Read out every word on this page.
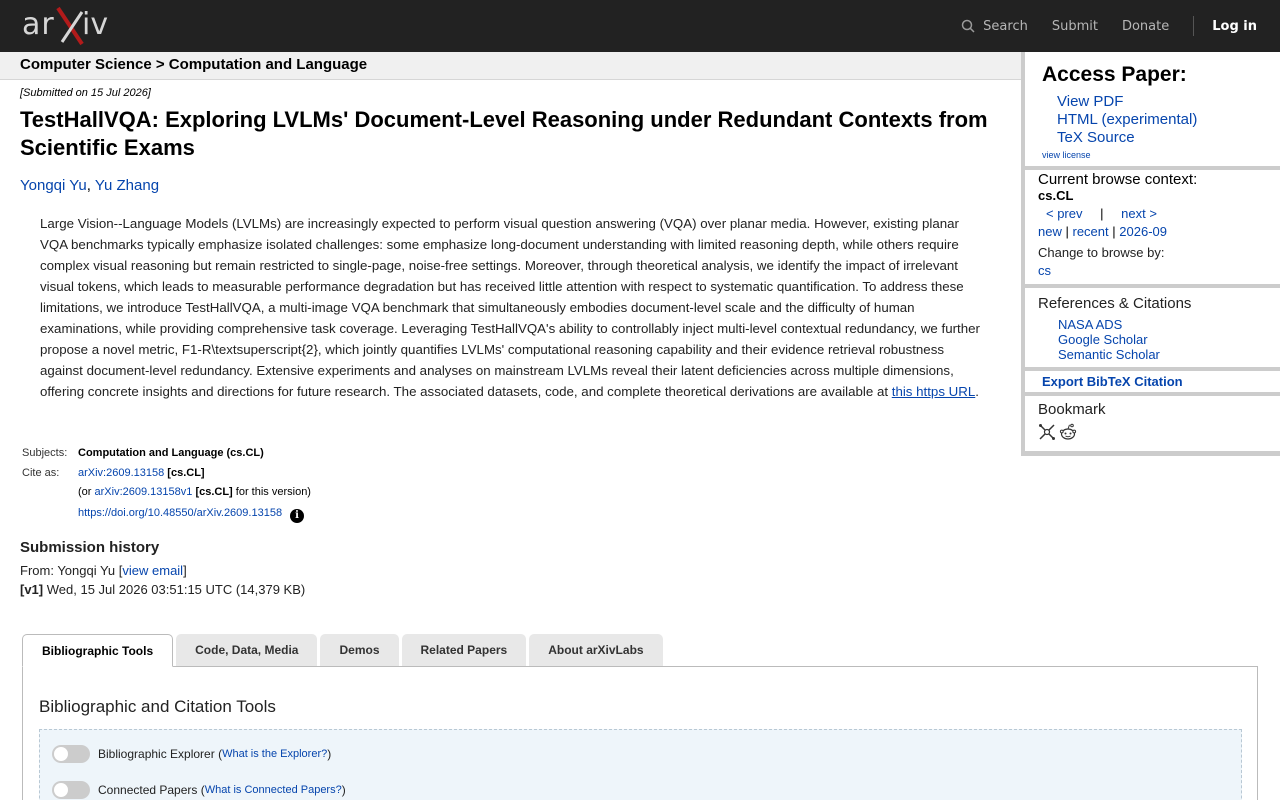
ar iv	Search Submit Donate	Log in
Computer Science > Computation and Language
[Submitted on 15 Jul 2026]
TestHallVQA: Exploring LVLMs' Document-Level Reasoning under Redundant Contexts from Scientific Exams
Yongqi Yu, Yu Zhang
Large Vision--Language Models (LVLMs) are increasingly expected to perform visual question answering (VQA) over planar media. However, existing planar VQA benchmarks typically emphasize isolated challenges: some emphasize long-document understanding with limited reasoning depth, while others require complex visual reasoning but remain restricted to single-page, noise-free settings. Moreover, through theoretical analysis, we identify the impact of irrelevant visual tokens, which leads to measurable performance degradation but has received little attention with respect to systematic quantification. To address these limitations, we introduce TestHallVQA, a multi-image VQA benchmark that simultaneously embodies document-level scale and the difficulty of human examinations, while providing comprehensive task coverage. Leveraging TestHallVQA's ability to controllably inject multi-level contextual redundancy, we further propose a novel metric, F1-R\textsuperscript{2}, which jointly quantifies LVLMs' computational reasoning capability and their evidence retrieval robustness against document-level redundancy. Extensive experiments and analyses on mainstream LVLMs reveal their latent deficiencies across multiple dimensions, offering concrete insights and directions for future research. The associated datasets, code, and complete theoretical derivations are available at this https URL.
Subjects: Computation and Language (cs.CL)
Cite as:	arXiv:2609.13158 [cs.CL]
(or arXiv:2609.13158v1 [cs.CL] for this version)
https://doi.org/10.48550/arXiv.2609.13158 i
Submission history
From: Yongqi Yu [view email]
[v1] Wed, 15 Jul 2026 03:51:15 UTC (14,379 KB)
Bibliographic Tools	Code, Data, Media	Demos	Related Papers	About arXivLabs
Bibliographic and Citation Tools
Bibliographic Explorer ( What is the Explorer? )
Connected Papers ( What is Connected Papers? )
Access Paper:
View PDF
HTML (experimental)
TeX Source
view license
Current browse context:
cs.CL
< prev | next >
new | recent | 2026-09
Change to browse by:
cs
References & Citations
NASA ADS
Google Scholar
Semantic Scholar
Export BibTeX Citation
Bookmark
